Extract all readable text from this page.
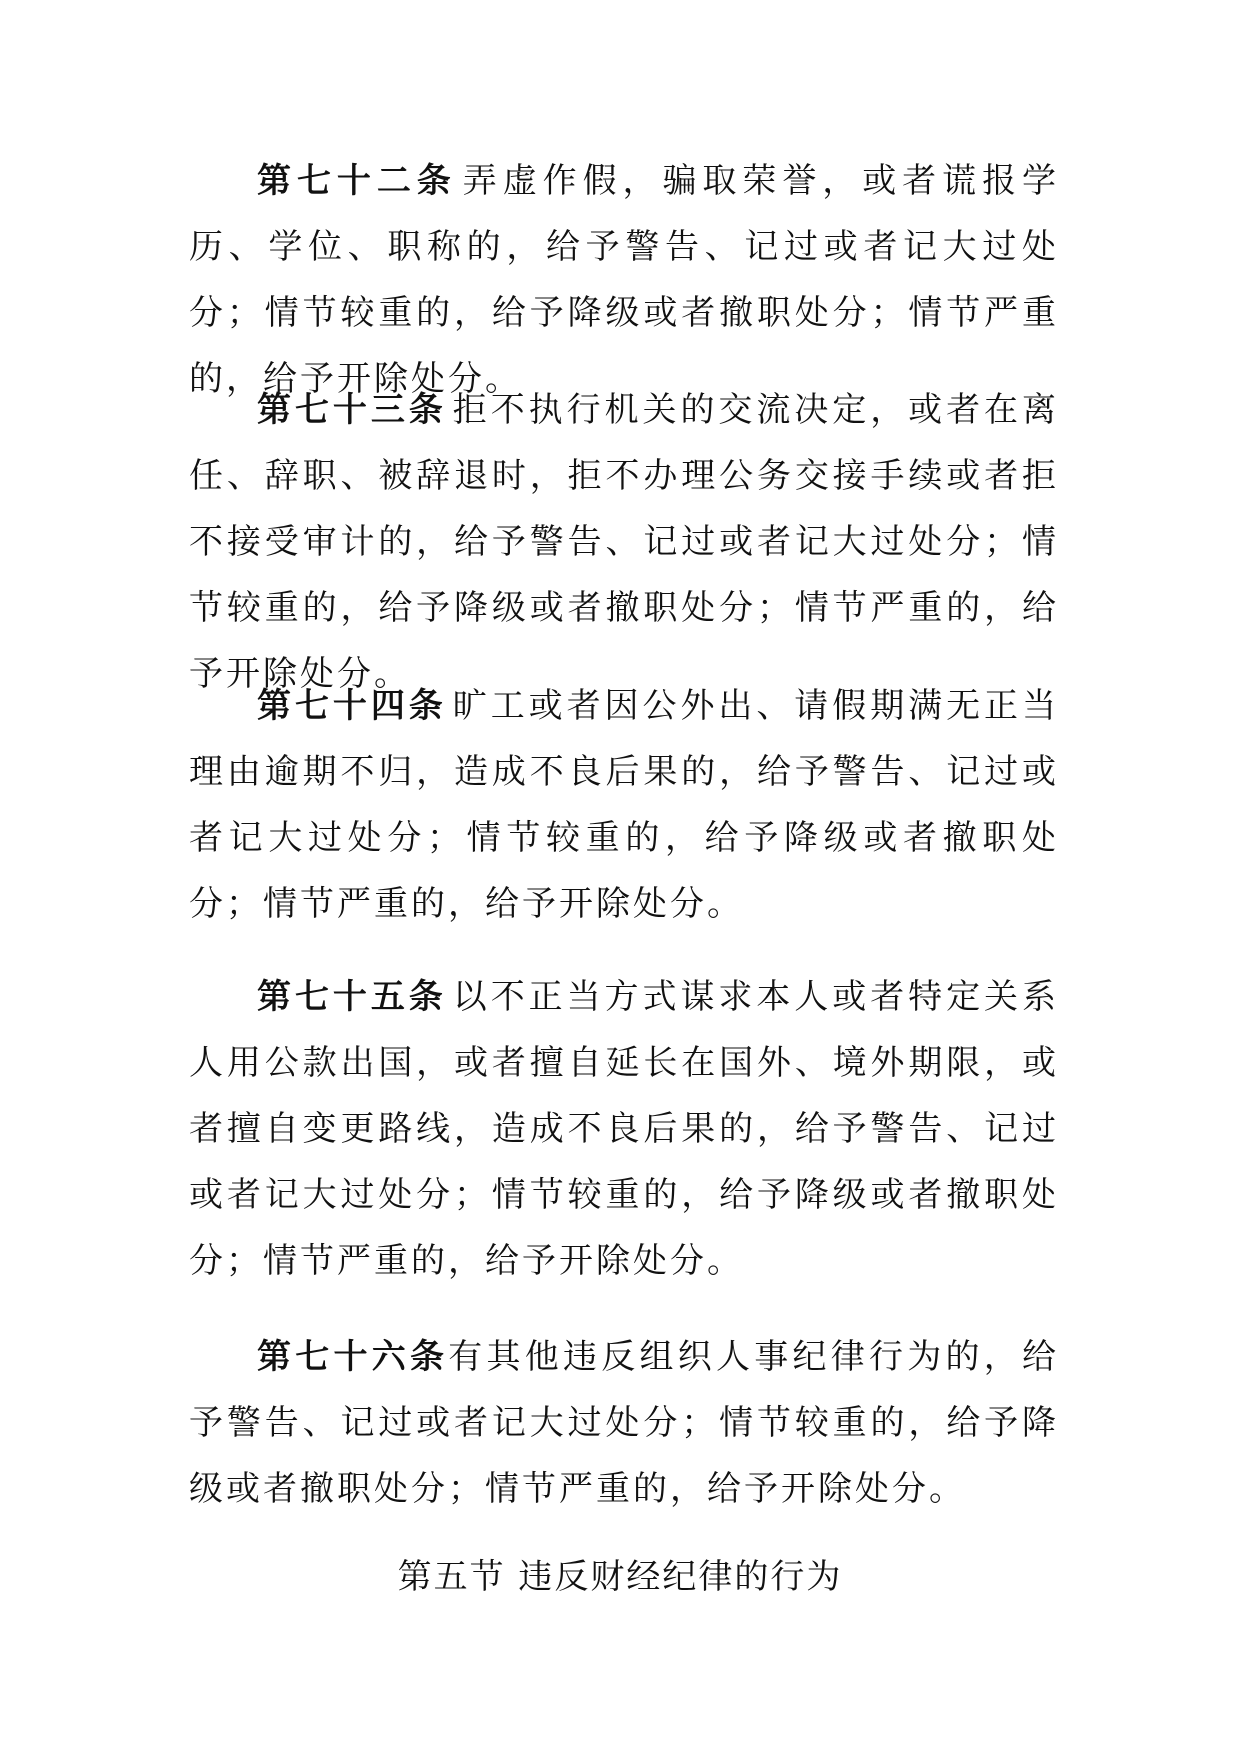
第七十二条 弄虚作假，骗取荣誉，或者谎报学历、学位、职称的，给予警告、记过或者记大过处分；情节较重的，给予降级或者撤职处分；情节严重的，给予开除处分。

第七十三条 拒不执行机关的交流决定，或者在离任、辞职、被辞退时，拒不办理公务交接手续或者拒不接受审计的，给予警告、记过或者记大过处分；情节较重的，给予降级或者撤职处分；情节严重的，给予开除处分。

第七十四条 旷工或者因公外出、请假期满无正当理由逾期不归，造成不良后果的，给予警告、记过或者记大过处分；情节较重的，给予降级或者撤职处分；情节严重的，给予开除处分。

第七十五条 以不正当方式谋求本人或者特定关系人用公款出国，或者擅自延长在国外、境外期限，或者擅自变更路线，造成不良后果的，给予警告、记过或者记大过处分；情节较重的，给予降级或者撤职处分；情节严重的，给予开除处分。

第七十六条有其他违反组织人事纪律行为的，给予警告、记过或者记大过处分；情节较重的，给予降级或者撤职处分；情节严重的，给予开除处分。

第五节 违反财经纪律的行为
